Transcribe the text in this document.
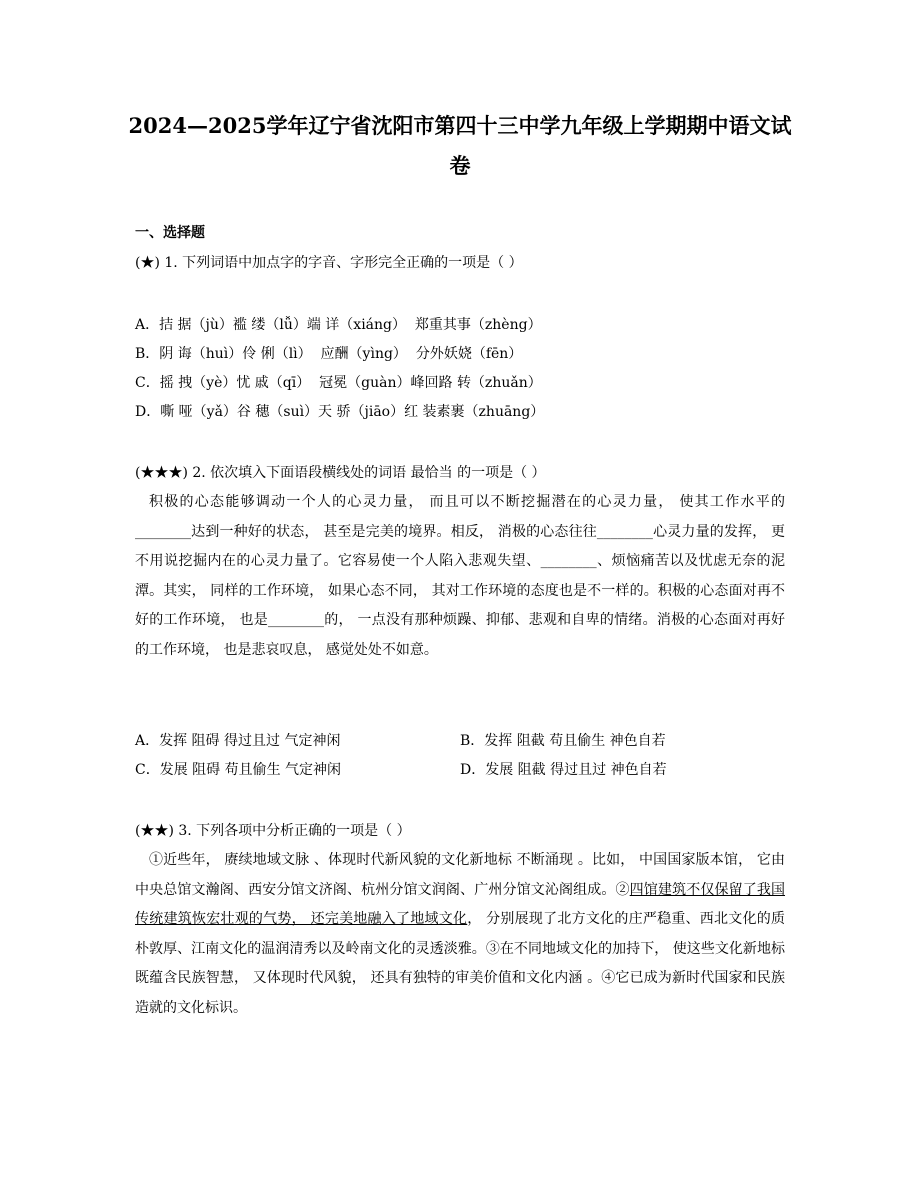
2024—2025学年辽宁省沈阳市第四十三中学九年级上学期期中语文试卷
一、选择题
(★) 1. 下列词语中加点字的字音、字形完全正确的一项是（ ）
A．拮 据（jù）褴 缕（lǚ）端 详（xiáng）  郑重其事（zhèng）
B．阴 诲（huì）伶 俐（lì）  应酬（yìng）  分外妖娆（fēn）
C．摇 拽（yè）忧 戚（qī）  冠冕（guàn）峰回路 转（zhuǎn）
D．嘶 哑（yǎ）谷 穗（suì）天 骄（jiāo）红 装素裹（zhuāng）
(★★★) 2. 依次填入下面语段横线处的词语 最恰当 的一项是（ ）
积极的心态能够调动一个人的心灵力量， 而且可以不断挖掘潜在的心灵力量， 使其工作水平的________达到一种好的状态， 甚至是完美的境界。相反， 消极的心态往往________心灵力量的发挥， 更不用说挖掘内在的心灵力量了。它容易使一个人陷入悲观失望、________、烦恼痛苦以及忧虑无奈的泥潭。其实， 同样的工作环境， 如果心态不同， 其对工作环境的态度也是不一样的。积极的心态面对再不好的工作环境， 也是________的， 一点没有那种烦躁、抑郁、悲观和自卑的情绪。消极的心态面对再好的工作环境， 也是悲哀叹息， 感觉处处不如意。
A．发挥 阻碍 得过且过 气定神闲	B．发挥 阻截 苟且偷生 神色自若
C．发展 阻碍 苟且偷生 气定神闲	D．发展 阻截 得过且过 神色自若
(★★) 3. 下列各项中分析正确的一项是（ ）
①近些年， 赓续地域文脉 、体现时代新风貌的文化新地标 不断涌现 。比如， 中国国家版本馆， 它由中央总馆文瀚阁、西安分馆文济阁、杭州分馆文润阁、广州分馆文沁阁组成。②四馆建筑不仅保留了我国传统建筑恢宏壮观的气势， 还完美地融入了地域文化， 分别展现了北方文化的庄严稳重、西北文化的质朴敦厚、江南文化的温润清秀以及岭南文化的灵透淡雅。③在不同地域文化的加持下， 使这些文化新地标既蕴含民族智慧， 又体现时代风貌， 还具有独特的审美价值和文化内涵 。④它已成为新时代国家和民族造就的文化标识。
